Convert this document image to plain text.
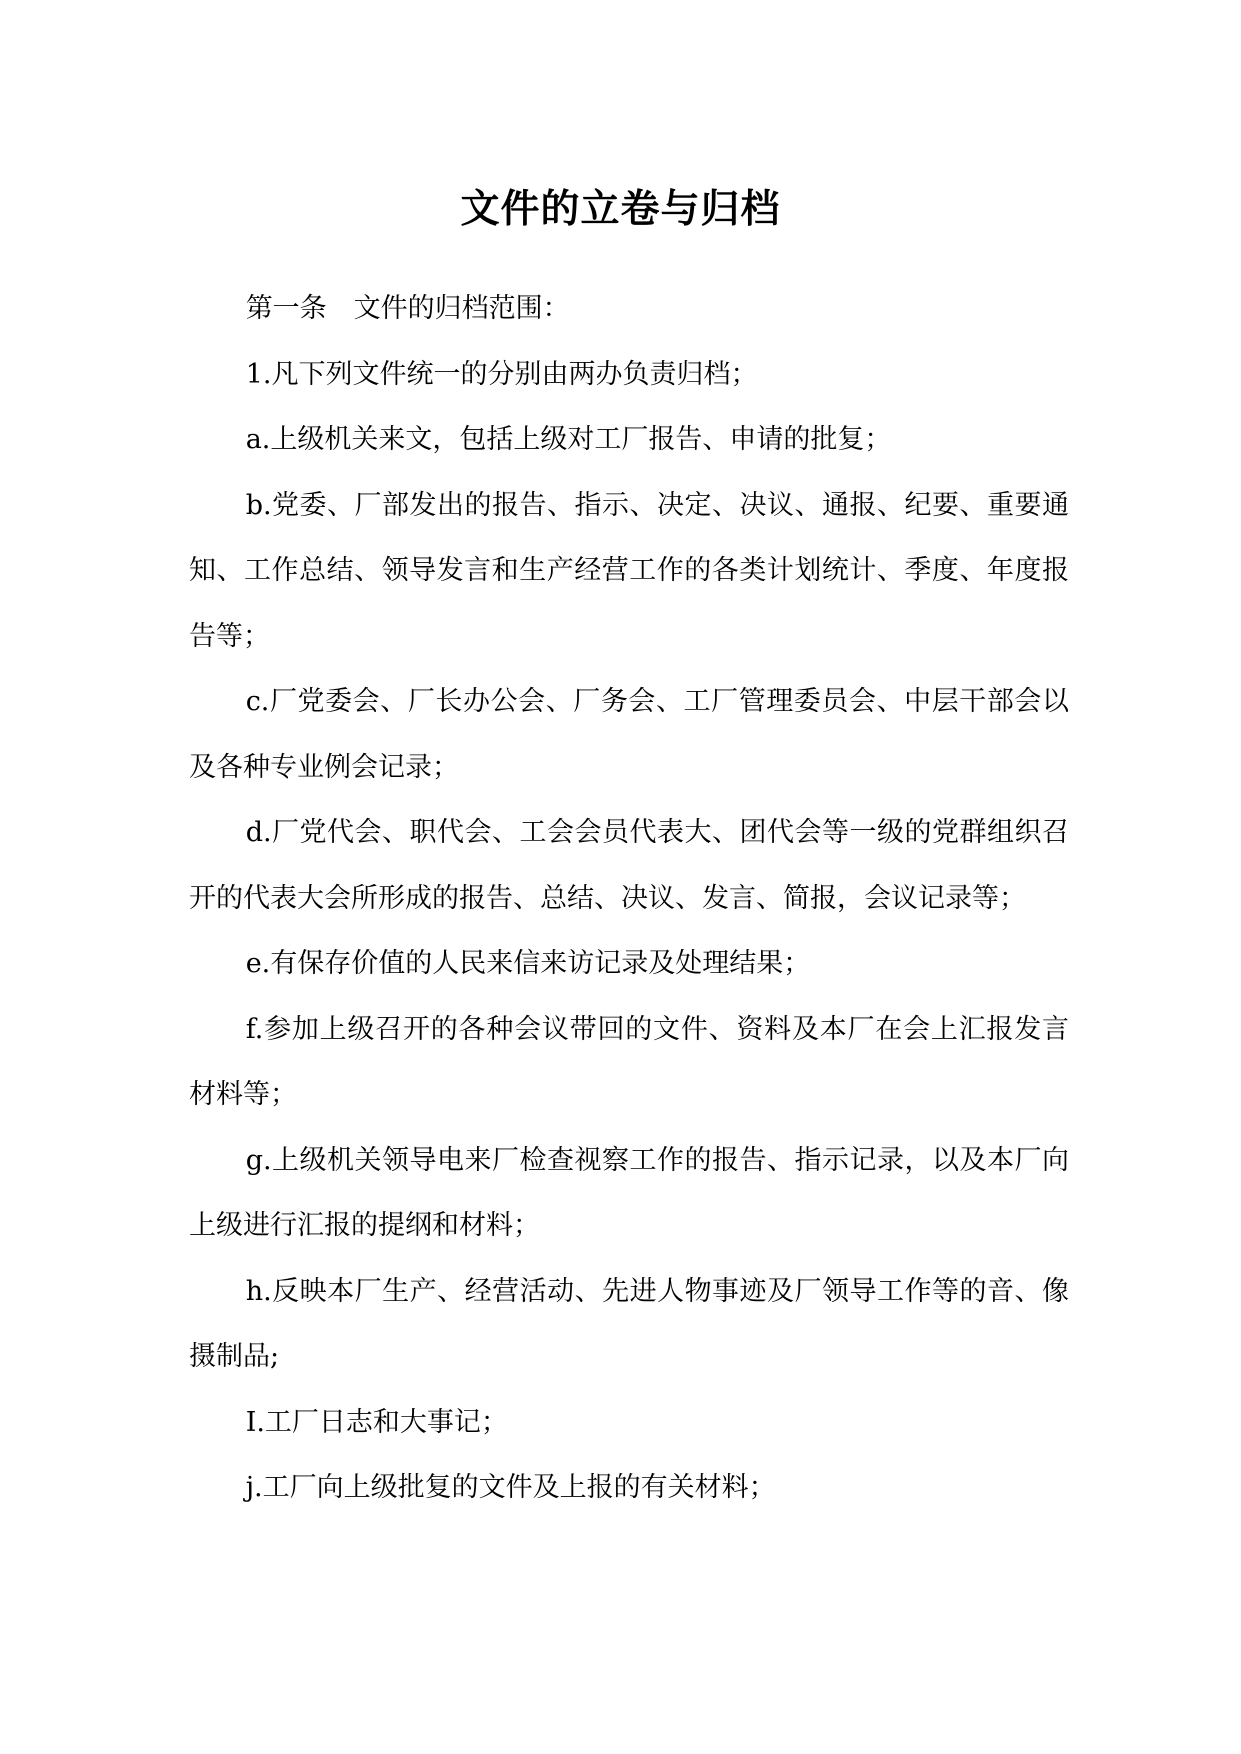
文件的立卷与归档

第一条　文件的归档范围：

1.凡下列文件统一的分别由两办负责归档；

a.上级机关来文，包括上级对工厂报告、申请的批复；

b.党委、厂部发出的报告、指示、决定、决议、通报、纪要、重要通知、工作总结、领导发言和生产经营工作的各类计划统计、季度、年度报告等；

c.厂党委会、厂长办公会、厂务会、工厂管理委员会、中层干部会以及各种专业例会记录；

d.厂党代会、职代会、工会会员代表大、团代会等一级的党群组织召开的代表大会所形成的报告、总结、决议、发言、简报，会议记录等；

e.有保存价值的人民来信来访记录及处理结果；

f.参加上级召开的各种会议带回的文件、资料及本厂在会上汇报发言材料等；

g.上级机关领导电来厂检查视察工作的报告、指示记录，以及本厂向上级进行汇报的提纲和材料；

h.反映本厂生产、经营活动、先进人物事迹及厂领导工作等的音、像摄制品;

I.工厂日志和大事记；

j.工厂向上级批复的文件及上报的有关材料；
